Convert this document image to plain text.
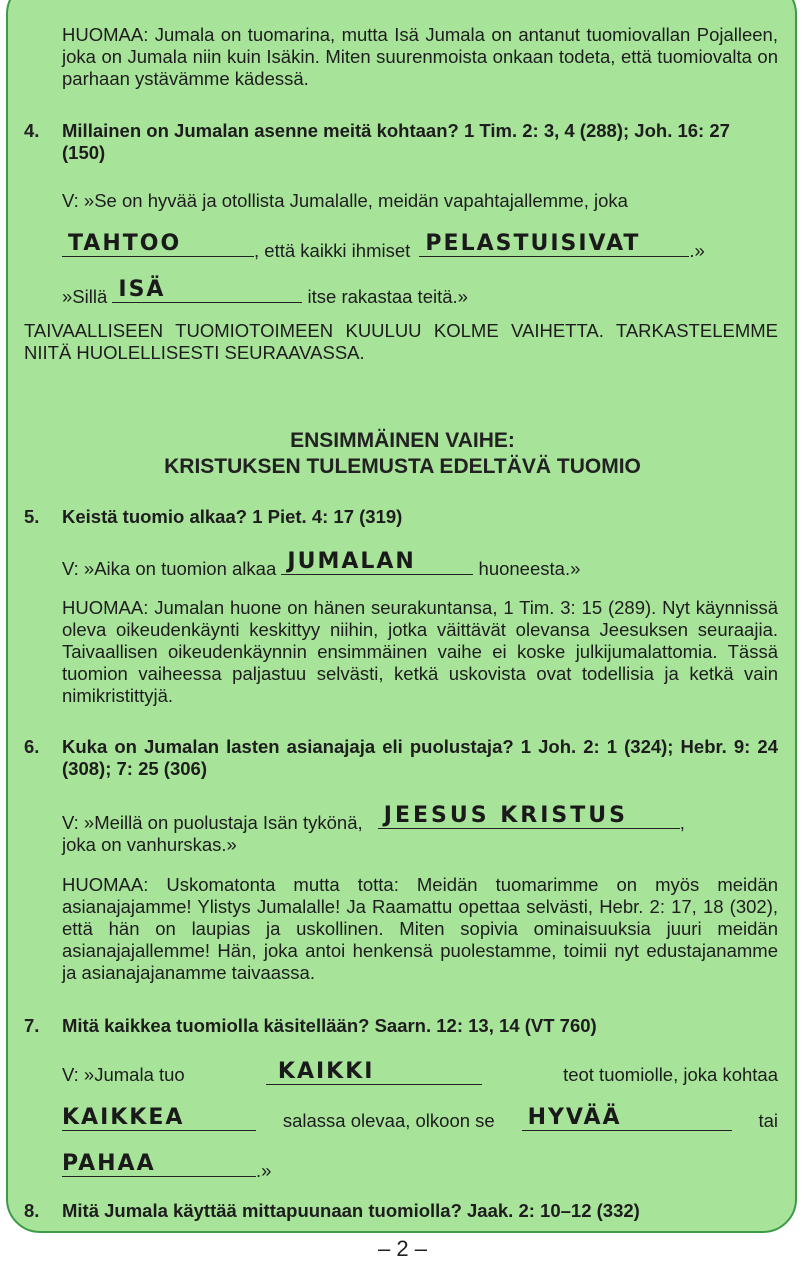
HUOMAA: Jumala on tuomarina, mutta Isä Jumala on antanut tuomiovallan Pojalleen, joka on Jumala niin kuin Isäkin. Miten suurenmoista onkaan todeta, että tuomiovalta on parhaan ystävämme kädessä.
4. Millainen on Jumalan asenne meitä kohtaan? 1 Tim. 2: 3, 4 (288); Joh. 16: 27 (150)
V: »Se on hyvää ja otollista Jumalalle, meidän vapahtajallemme, joka
TAHTOO	, että kaikki ihmiset PELASTUISIVAT	.»
»Sillä ISÄ	itse rakastaa teitä.»
TAIVAALLISEEN TUOMIOTOIMEEN KUULUU KOLME VAIHETTA. TARKASTELEMME NIITÄ HUOLELLISESTI SEURAAVASSA.
ENSIMMÄINEN VAIHE:
KRISTUKSEN TULEMUSTA EDELTÄVÄ TUOMIO
5. Keistä tuomio alkaa? 1 Piet. 4: 17 (319)
V: »Aika on tuomion alkaa JUMALAN	huoneesta.»
HUOMAA: Jumalan huone on hänen seurakuntansa, 1 Tim. 3: 15 (289). Nyt käynnissä oleva oikeudenkäynti keskittyy niihin, jotka väittävät olevansa Jeesuksen seuraajia. Taivaallisen oikeudenkäynnin ensimmäinen vaihe ei koske julkijumalattomia. Tässä tuomion vaiheessa paljastuu selvästi, ketkä uskovista ovat todellisia ja ketkä vain nimikristittyjä.
6. Kuka on Jumalan lasten asianajaja eli puolustaja? 1 Joh. 2: 1 (324); Hebr. 9: 24 (308); 7: 25 (306)
V: »Meillä on puolustaja Isän tykönä, JEESUS KRISTUS	,
joka on vanhurskas.»
HUOMAA: Uskomatonta mutta totta: Meidän tuomarimme on myös meidän asianajajamme! Ylistys Jumalalle! Ja Raamattu opettaa selvästi, Hebr. 2: 17, 18 (302), että hän on laupias ja uskollinen. Miten sopivia ominaisuuksia juuri meidän asianajajallemme! Hän, joka antoi henkensä puolestamme, toimii nyt edustajanamme ja asianajajanamme taivaassa.
7. Mitä kaikkea tuomiolla käsitellään? Saarn. 12: 13, 14 (VT 760)
V: »Jumala tuo	KAIKKI	teot tuomiolle, joka kohtaa
KAIKKEA	salassa olevaa, olkoon se HYVÄÄ	tai
PAHAA	.»
8. Mitä Jumala käyttää mittapuunaan tuomiolla? Jaak. 2: 10–12 (332)
– 2 –
